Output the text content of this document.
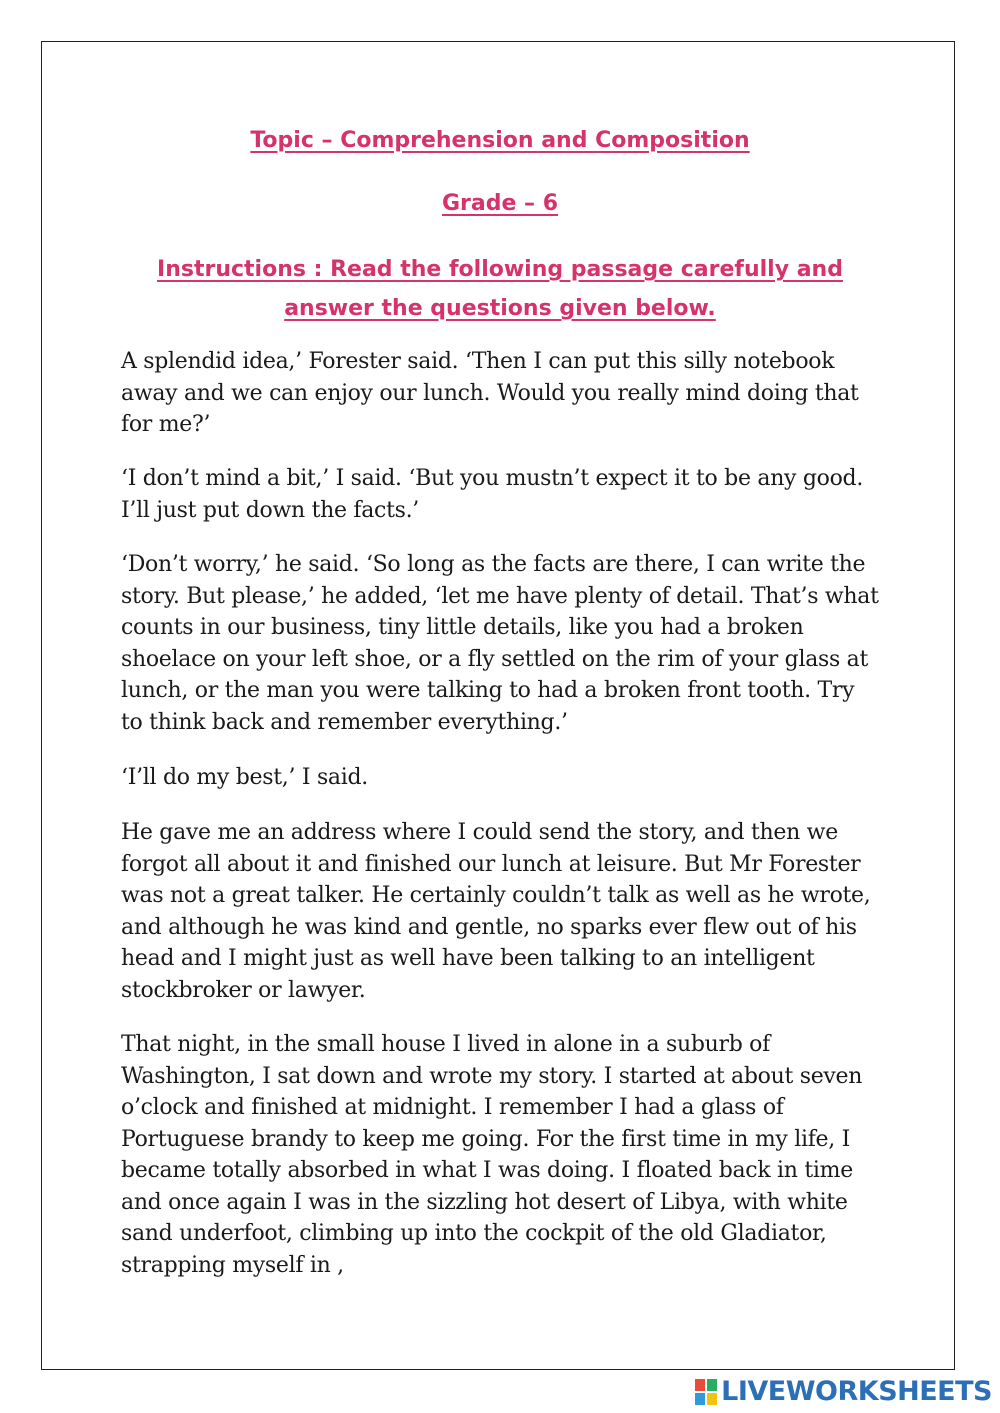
Topic – Comprehension and Composition
Grade – 6
Instructions : Read the following passage carefully and answer the questions given below.

A splendid idea,’ Forester said. ‘Then I can put this silly notebook away and we can enjoy our lunch. Would you really mind doing that for me?’

‘I don’t mind a bit,’ I said. ‘But you mustn’t expect it to be any good. I’ll just put down the facts.’

‘Don’t worry,’ he said. ‘So long as the facts are there, I can write the story. But please,’ he added, ‘let me have plenty of detail. That’s what counts in our business, tiny little details, like you had a broken shoelace on your left shoe, or a fly settled on the rim of your glass at lunch, or the man you were talking to had a broken front tooth. Try to think back and remember everything.’

‘I’ll do my best,’ I said.

He gave me an address where I could send the story, and then we forgot all about it and finished our lunch at leisure. But Mr Forester was not a great talker. He certainly couldn’t talk as well as he wrote, and although he was kind and gentle, no sparks ever flew out of his head and I might just as well have been talking to an intelligent stockbroker or lawyer.

That night, in the small house I lived in alone in a suburb of Washington, I sat down and wrote my story. I started at about seven o’clock and finished at midnight. I remember I had a glass of Portuguese brandy to keep me going. For the first time in my life, I became totally absorbed in what I was doing. I floated back in time and once again I was in the sizzling hot desert of Libya, with white sand underfoot, climbing up into the cockpit of the old Gladiator, strapping myself in ,

LIVEWORKSHEETS
